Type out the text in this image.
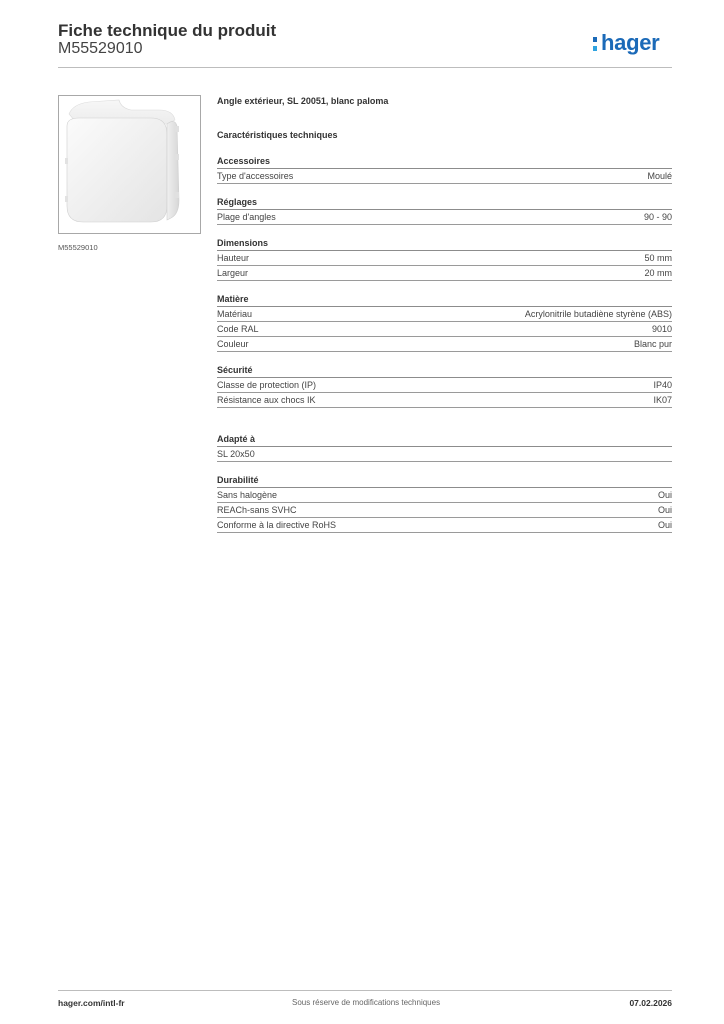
Fiche technique du produit
M55529010	hager
M55529010
Angle extérieur, SL 20051, blanc paloma
Caractéristiques techniques
Accessoires
Type d'accessoires	Moulé
Réglages
Plage d'angles	90 - 90
Dimensions
Hauteur	50 mm
Largeur	20 mm
Matière
Matériau	Acrylonitrile butadiène styrène (ABS)
Code RAL	9010
Couleur	Blanc pur
Sécurité
Classe de protection (IP)	IP40
Résistance aux chocs IK	IK07
Adapté à
SL 20x50
Durabilité
Sans halogène	Oui
REACh-sans SVHC	Oui
Conforme à la directive RoHS	Oui
hager.com/intl-fr	Sous réserve de modifications techniques	07.02.2026
